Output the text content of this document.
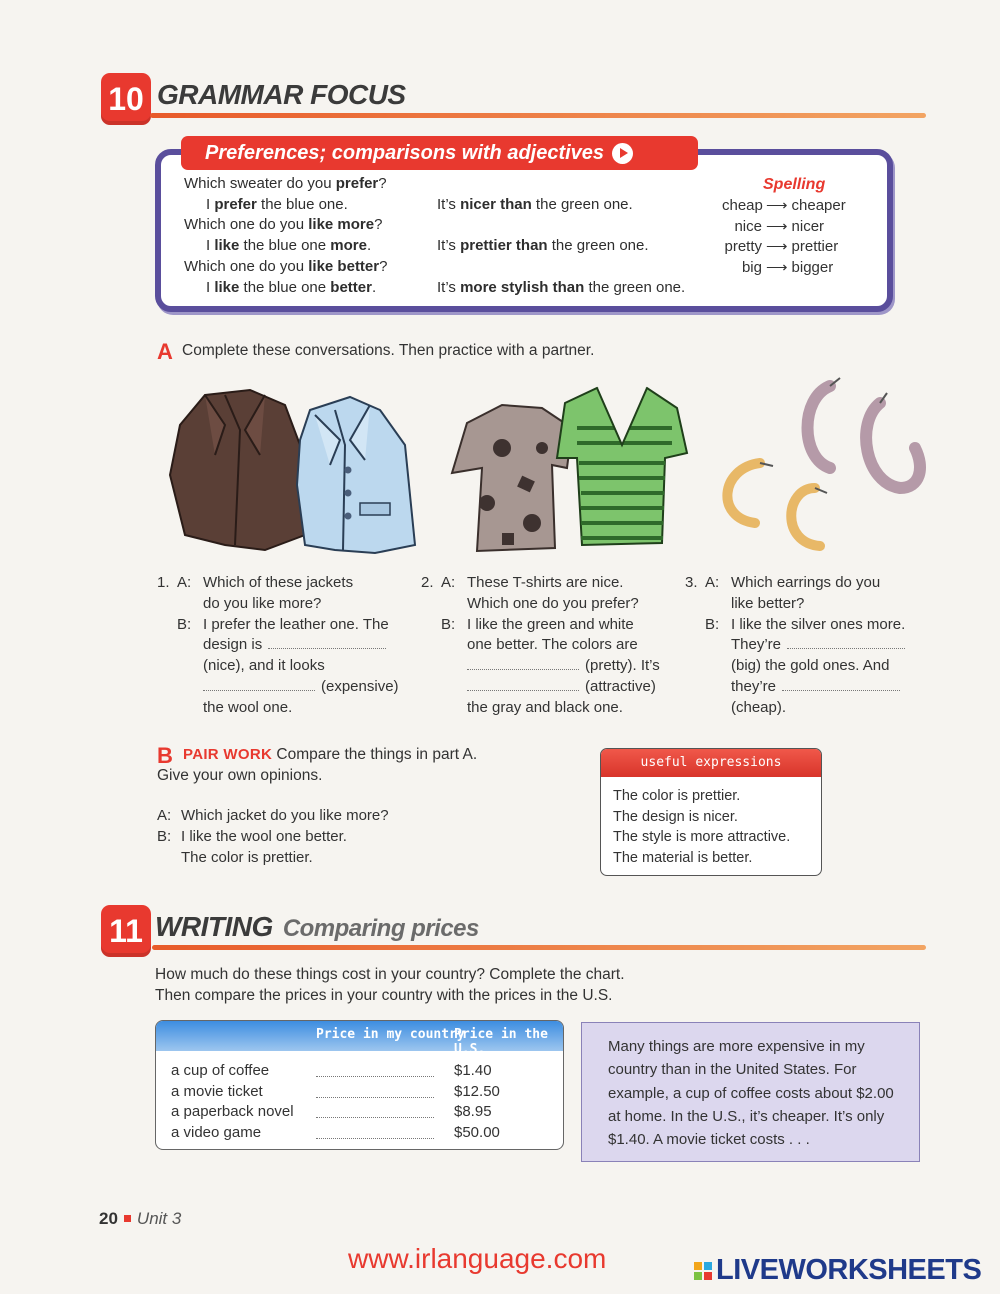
10 GRAMMAR FOCUS
Preferences; comparisons with adjectives
Which sweater do you prefer?
I prefer the blue one.
Which one do you like more?
I like the blue one more.
Which one do you like better?
I like the blue one better.
It’s nicer than the green one.
It’s prettier than the green one.
It’s more stylish than the green one.
Spelling
cheap ⟶ cheaper
nice ⟶ nicer
pretty ⟶ prettier
big ⟶ bigger
A Complete these conversations. Then practice with a partner.
1. A: Which of these jackets
do you like more?
B: I prefer the leather one. The
design is
(nice), and it looks
(expensive)
the wool one.
2. A: These T-shirts are nice.
Which one do you prefer?
B: I like the green and white
one better. The colors are
(pretty). It’s
(attractive)
the gray and black one.
3. A: Which earrings do you
like better?
B: I like the silver ones more.
They’re
(big) the gold ones. And
they’re
(cheap).
B PAIR WORK Compare the things in part A.
Give your own opinions.
A: Which jacket do you like more?
B: I like the wool one better.
The color is prettier.
useful expressions
The color is prettier.
The design is nicer.
The style is more attractive.
The material is better.
11 WRITING Comparing prices
How much do these things cost in your country? Complete the chart.
Then compare the prices in your country with the prices in the U.S.
Price in my country
Price in the U.S.
a cup of coffee	$1.40
a movie ticket	$12.50
a paperback novel	$8.95
a video game	$50.00
Many things are more expensive in my country than in the United States. For example, a cup of coffee costs about $2.00 at home. In the U.S., it’s cheaper. It’s only $1.40. A movie ticket costs . . .
20 Unit 3
www.irlanguage.com	LIVEWORKSHEETS
